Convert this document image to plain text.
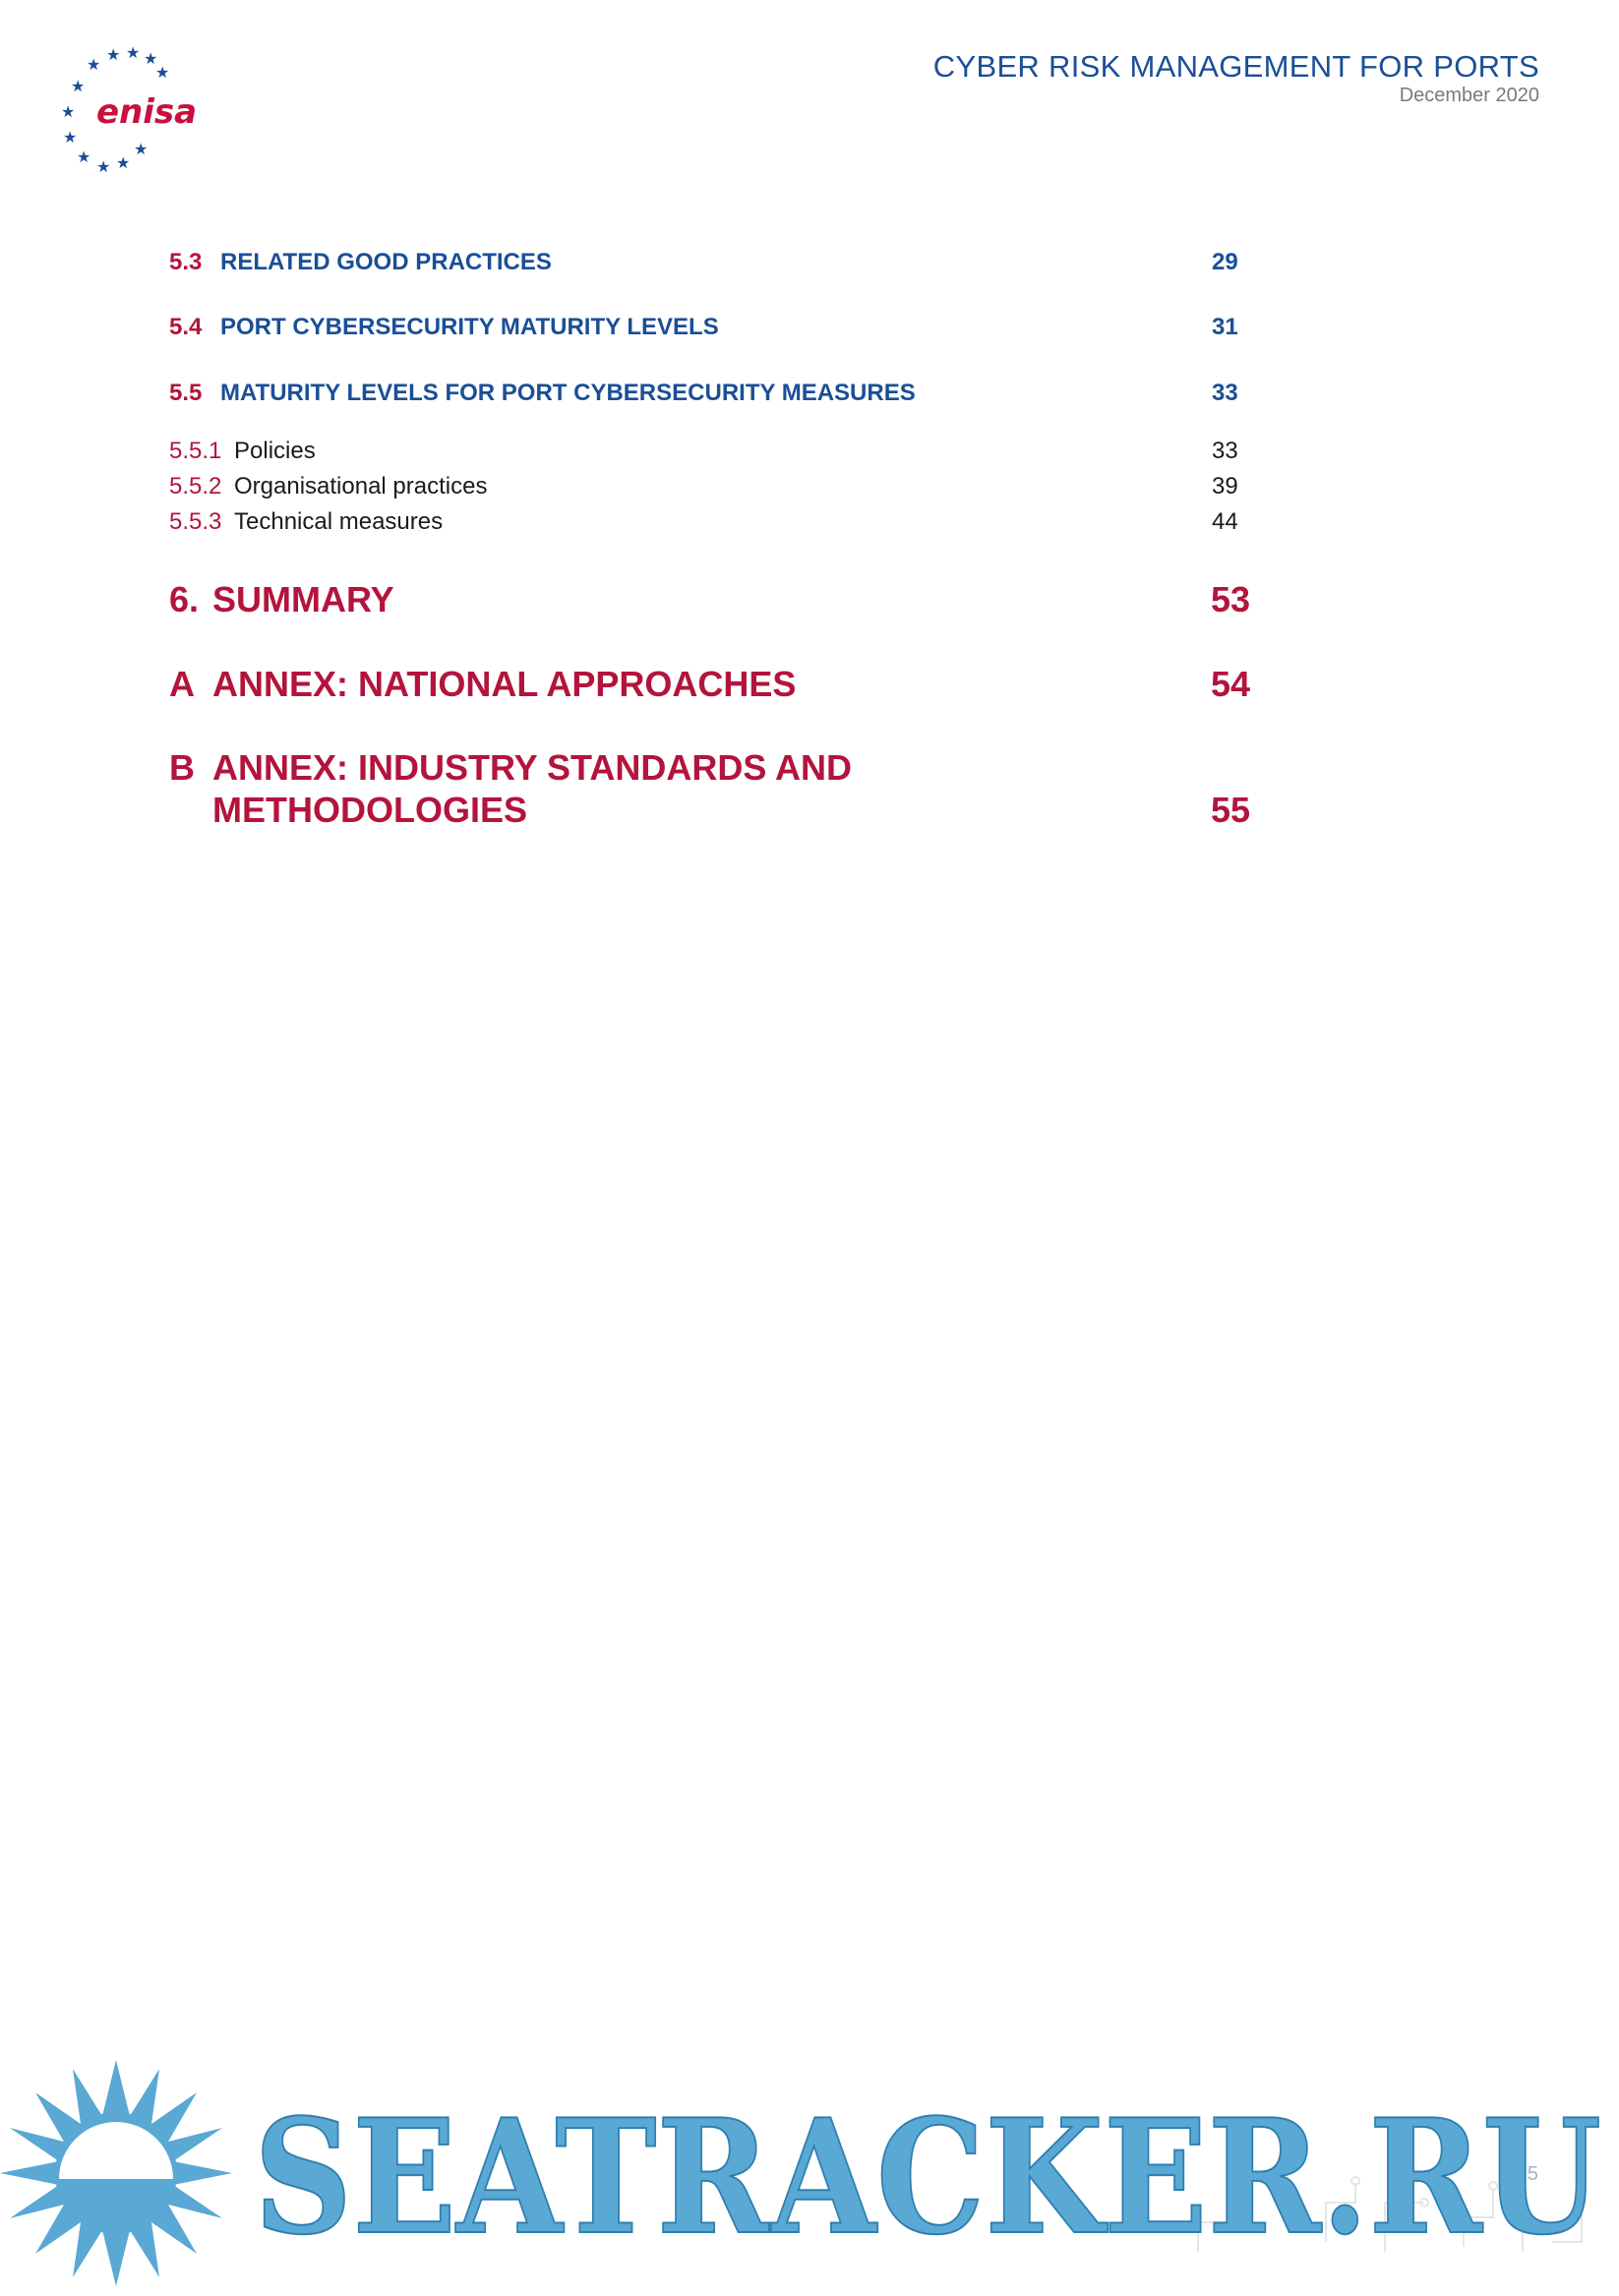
★ ★ ★
★	★
★
★
★
★
★ ★
★
enisa
CYBER RISK MANAGEMENT FOR PORTS
December 2020
5.3 RELATED GOOD PRACTICES	29
5.4 PORT CYBERSECURITY MATURITY LEVELS	31
5.5 MATURITY LEVELS FOR PORT CYBERSECURITY MEASURES	33
5.5.1 Policies	33
5.5.2 Organisational practices	39
5.5.3 Technical measures	44
6. SUMMARY	53
A ANNEX: NATIONAL APPROACHES	54
B ANNEX: INDUSTRY STANDARDS AND
METHODOLOGIES	55
SEATRACKER.RU
5
